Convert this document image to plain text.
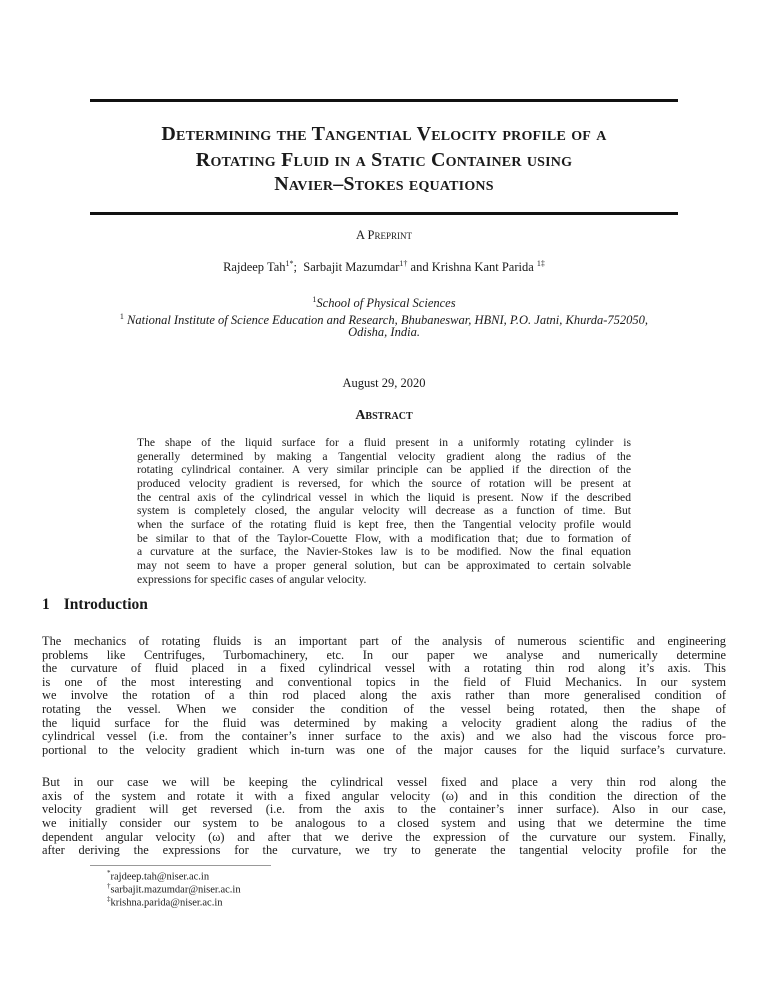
Determining the Tangential Velocity profile of a
Rotating Fluid in a Static Container using
Navier–Stokes equations
A Preprint
Rajdeep Tah$^{1*}$; Sarbajit Mazumdar$^{1\dagger}$ and Krishna Kant Parida $^{1\ddagger}$
$^1$School of Physical Sciences
$^1$ National Institute of Science Education and Research, Bhubaneswar, HBNI, P.O. Jatni, Khurda-752050,
Odisha, India.
August 29, 2020
Abstract
The shape of the liquid surface for a fluid present in a uniformly rotating cylinder is
generally determined by making a Tangential velocity gradient along the radius of the
rotating cylindrical container. A very similar principle can be applied if the direction of the
produced velocity gradient is reversed, for which the source of rotation will be present at
the central axis of the cylindrical vessel in which the liquid is present. Now if the described
system is completely closed, the angular velocity will decrease as a function of time. But
when the surface of the rotating fluid is kept free, then the Tangential velocity profile would
be similar to that of the Taylor-Couette Flow, with a modification that; due to formation of
a curvature at the surface, the Navier-Stokes law is to be modified. Now the final equation
may not seem to have a proper general solution, but can be approximated to certain solvable
expressions for specific cases of angular velocity.
1 Introduction
The mechanics of rotating fluids is an important part of the analysis of numerous scientific and engineering
problems like Centrifuges, Turbomachinery, etc. In our paper we analyse and numerically determine
the curvature of fluid placed in a fixed cylindrical vessel with a rotating thin rod along it’s axis. This
is one of the most interesting and conventional topics in the field of Fluid Mechanics. In our system
we involve the rotation of a thin rod placed along the axis rather than more generalised condition of
rotating the vessel. When we consider the condition of the vessel being rotated, then the shape of
the liquid surface for the fluid was determined by making a velocity gradient along the radius of the
cylindrical vessel (i.e. from the container’s inner surface to the axis) and we also had the viscous force pro-
portional to the velocity gradient which in-turn was one of the major causes for the liquid surface’s curvature.
But in our case we will be keeping the cylindrical vessel fixed and place a very thin rod along the
axis of the system and rotate it with a fixed angular velocity (ω) and in this condition the direction of the
velocity gradient will get reversed (i.e. from the axis to the container’s inner surface). Also in our case,
we initially consider our system to be analogous to a closed system and using that we determine the time
dependent angular velocity (ω) and after that we derive the expression of the curvature our system. Finally,
after deriving the expressions for the curvature, we try to generate the tangential velocity profile for the
*rajdeep.tah@niser.ac.in
†sarbajit.mazumdar@niser.ac.in
‡krishna.parida@niser.ac.in
